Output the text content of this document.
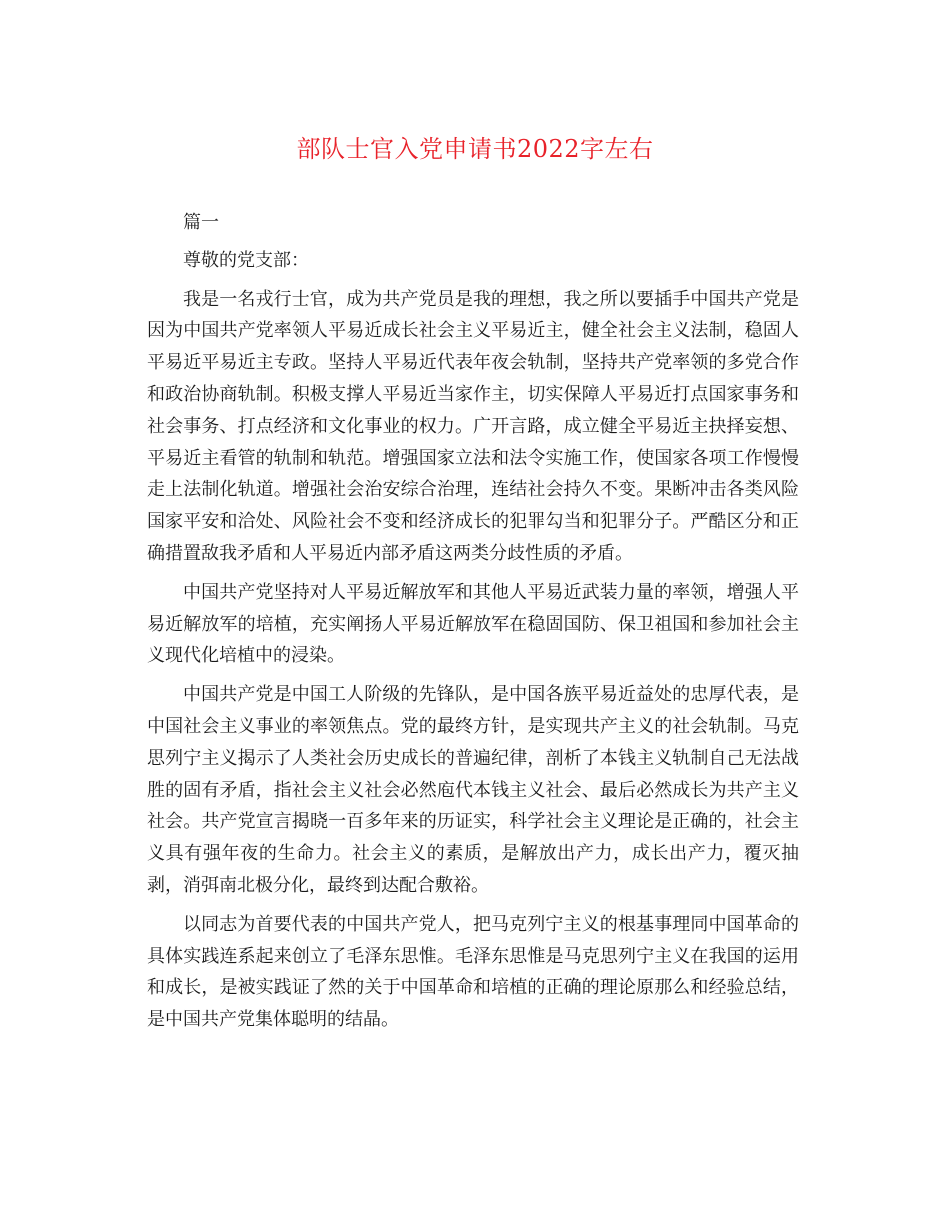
部队士官入党申请书2022字左右

篇一

尊敬的党支部：

我是一名戎行士官，成为共产党员是我的理想，我之所以要插手中国共产党是因为中国共产党率领人平易近成长社会主义平易近主，健全社会主义法制，稳固人平易近平易近主专政。坚持人平易近代表年夜会轨制，坚持共产党率领的多党合作和政治协商轨制。积极支撑人平易近当家作主，切实保障人平易近打点国家事务和社会事务、打点经济和文化事业的权力。广开言路，成立健全平易近主抉择妄想、平易近主看管的轨制和轨范。增强国家立法和法令实施工作，使国家各项工作慢慢走上法制化轨道。增强社会治安综合治理，连结社会持久不变。果断冲击各类风险国家平安和洽处、风险社会不变和经济成长的犯罪勾当和犯罪分子。严酷区分和正确措置敌我矛盾和人平易近内部矛盾这两类分歧性质的矛盾。

中国共产党坚持对人平易近解放军和其他人平易近武装力量的率领，增强人平易近解放军的培植，充实阐扬人平易近解放军在稳固国防、保卫祖国和参加社会主义现代化培植中的浸染。

中国共产党是中国工人阶级的先锋队，是中国各族平易近益处的忠厚代表，是中国社会主义事业的率领焦点。党的最终方针，是实现共产主义的社会轨制。马克思列宁主义揭示了人类社会历史成长的普遍纪律，剖析了本钱主义轨制自己无法战胜的固有矛盾，指社会主义社会必然庖代本钱主义社会、最后必然成长为共产主义社会。共产党宣言揭晓一百多年来的历证实，科学社会主义理论是正确的，社会主义具有强年夜的生命力。社会主义的素质，是解放出产力，成长出产力，覆灭抽剥，消弭南北极分化，最终到达配合敷裕。

以同志为首要代表的中国共产党人，把马克列宁主义的根基事理同中国革命的具体实践连系起来创立了毛泽东思惟。毛泽东思惟是马克思列宁主义在我国的运用和成长，是被实践证了然的关于中国革命和培植的正确的理论原那么和经验总结，是中国共产党集体聪明的结晶。
